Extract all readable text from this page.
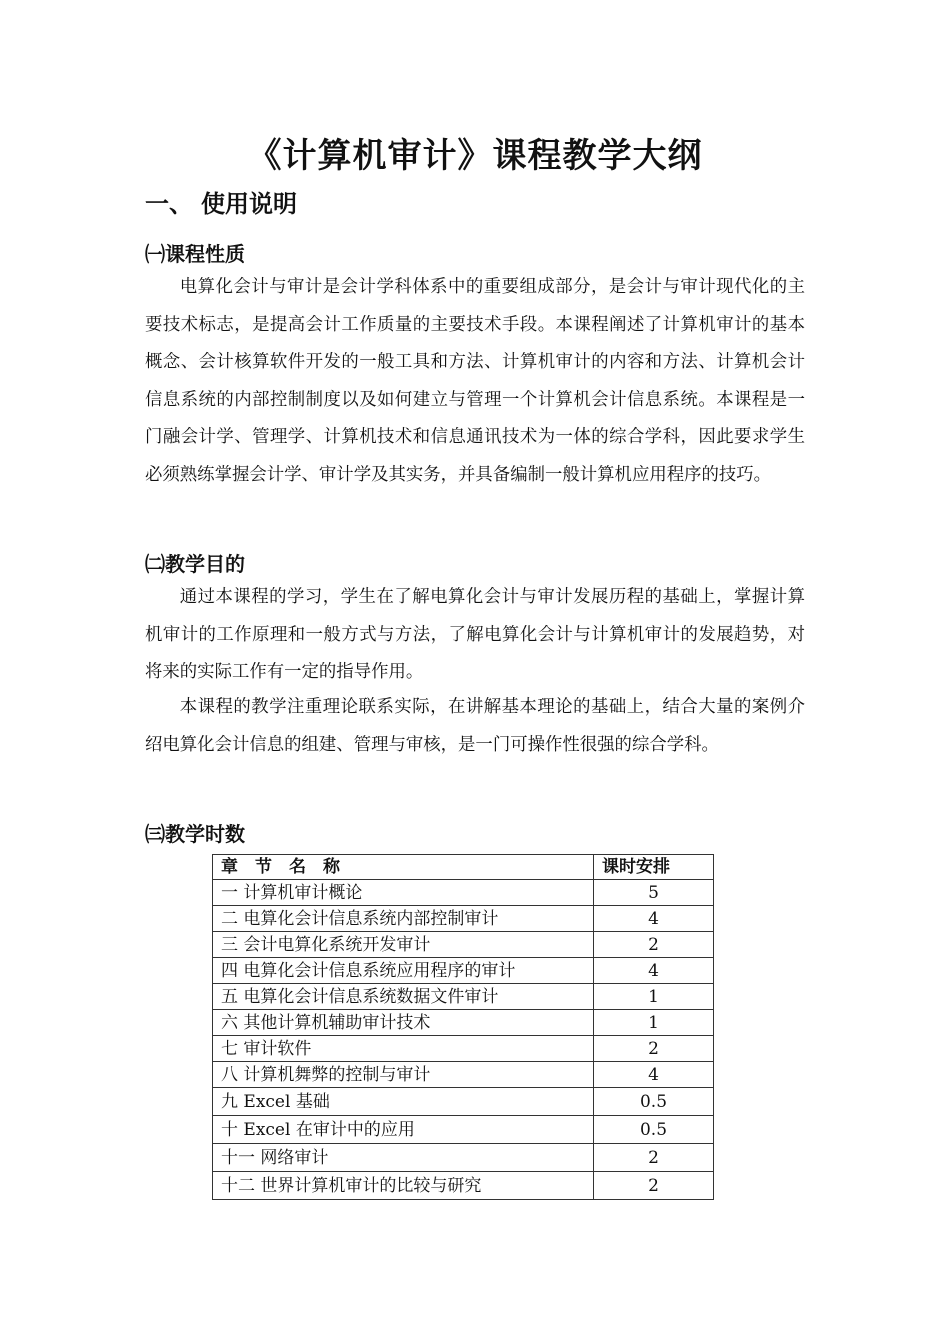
《计算机审计》课程教学大纲
一、 使用说明
㈠课程性质

电算化会计与审计是会计学科体系中的重要组成部分，是会计与审计现代化的主要技术标志，是提高会计工作质量的主要技术手段。本课程阐述了计算机审计的基本概念、会计核算软件开发的一般工具和方法、计算机审计的内容和方法、计算机会计信息系统的内部控制制度以及如何建立与管理一个计算机会计信息系统。本课程是一门融会计学、管理学、计算机技术和信息通讯技术为一体的综合学科，因此要求学生必须熟练掌握会计学、审计学及其实务，并具备编制一般计算机应用程序的技巧。

㈡教学目的

通过本课程的学习，学生在了解电算化会计与审计发展历程的基础上，掌握计算机审计的工作原理和一般方式与方法，了解电算化会计与计算机审计的发展趋势，对将来的实际工作有一定的指导作用。

本课程的教学注重理论联系实际，在讲解基本理论的基础上，结合大量的案例介绍电算化会计信息的组建、管理与审核，是一门可操作性很强的综合学科。

㈢教学时数
章　节　名　称	课时安排
一 计算机审计概论	5
二 电算化会计信息系统内部控制审计	4
三 会计电算化系统开发审计	2
四 电算化会计信息系统应用程序的审计	4
五 电算化会计信息系统数据文件审计	1
六 其他计算机辅助审计技术	1
七 审计软件	2
八 计算机舞弊的控制与审计	4
九 Excel 基础	0.5
十 Excel 在审计中的应用	0.5
十一 网络审计	2
十二 世界计算机审计的比较与研究	2
